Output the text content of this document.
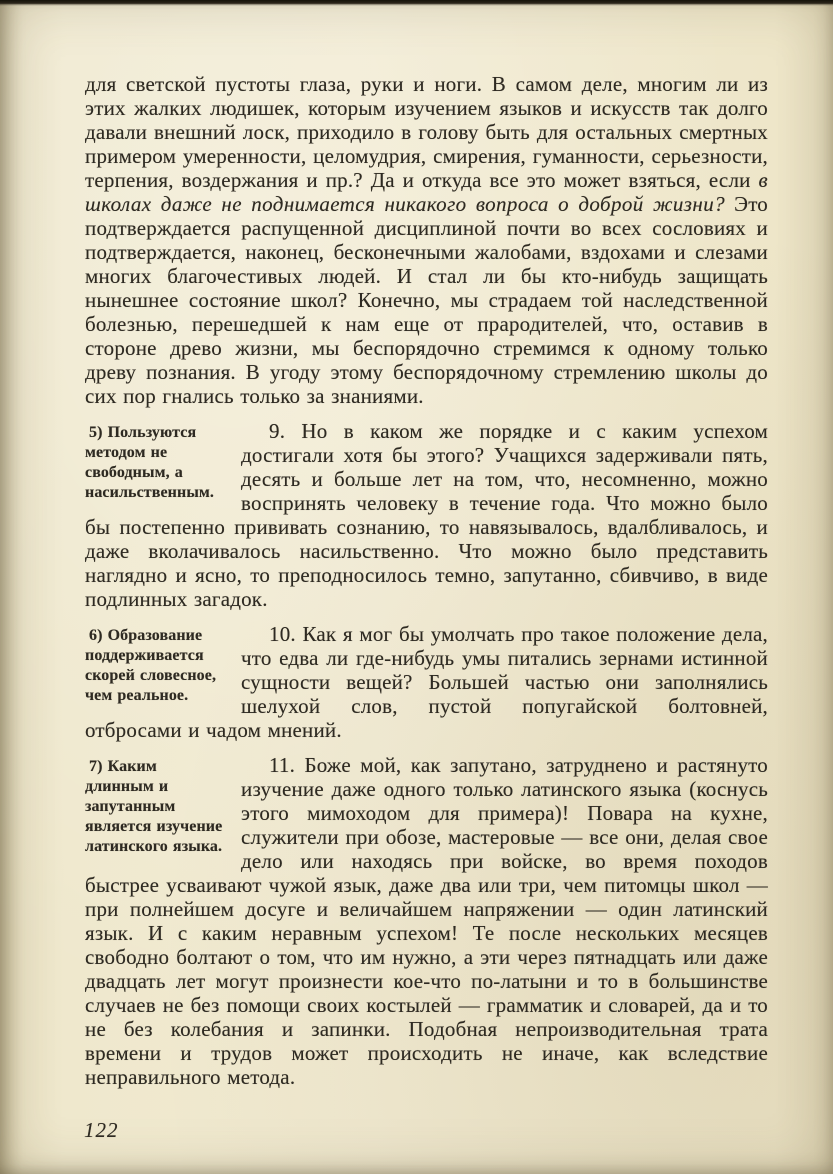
для светской пустоты глаза, руки и ноги. В самом деле, многим ли из этих жалких людишек, которым изучением языков и искусств так долго давали внешний лоск, приходило в голову быть для остальных смертных примером умеренности, целомудрия, смирения, гуманности, серьезности, терпения, воздержания и пр.? Да и откуда все это может взяться, если в школах даже не поднимается никакого вопроса о доброй жизни? Это подтверждается распущенной дисциплиной почти во всех сословиях и подтверждается, наконец, бесконечными жалобами, вздохами и слезами многих благочестивых людей. И стал ли бы кто-нибудь защищать нынешнее состояние школ? Конечно, мы страдаем той наследственной болезнью, перешедшей к нам еще от прародителей, что, оставив в стороне древо жизни, мы беспорядочно стремимся к одному только древу познания. В угоду этому беспорядочному стремлению школы до сих пор гнались только за знаниями.

5) Пользуются методом не свободным, а насильственным.

9. Но в каком же порядке и с каким успехом достигали хотя бы этого? Учащихся задерживали пять, десять и больше лет на том, что, несомненно, можно воспринять человеку в течение года. Что можно было бы постепенно прививать сознанию, то навязывалось, вдалбливалось, и даже вколачивалось насильственно. Что можно было представить наглядно и ясно, то преподносилось темно, запутанно, сбивчиво, в виде подлинных загадок.

6) Образование поддерживается скорей словесное, чем реальное.

10. Как я мог бы умолчать про такое положение дела, что едва ли где-нибудь умы питались зернами истинной сущности вещей? Большей частью они заполнялись шелухой слов, пустой попугайской болтовней, отбросами и чадом мнений.

7) Каким длинным и запутанным является изучение латинского языка.

11. Боже мой, как запутано, затруднено и растянуто изучение даже одного только латинского языка (коснусь этого мимоходом для примера)! Повара на кухне, служители при обозе, мастеровые — все они, делая свое дело или находясь при войске, во время походов быстрее усваивают чужой язык, даже два или три, чем питомцы школ — при полнейшем досуге и величайшем напряжении — один латинский язык. И с каким неравным успехом! Те после нескольких месяцев свободно болтают о том, что им нужно, а эти через пятнадцать или даже двадцать лет могут произнести кое-что по-латыни и то в большинстве случаев не без помощи своих костылей — грамматик и словарей, да и то не без колебания и запинки. Подобная непроизводительная трата времени и трудов может происходить не иначе, как вследствие неправильного метода.

122
